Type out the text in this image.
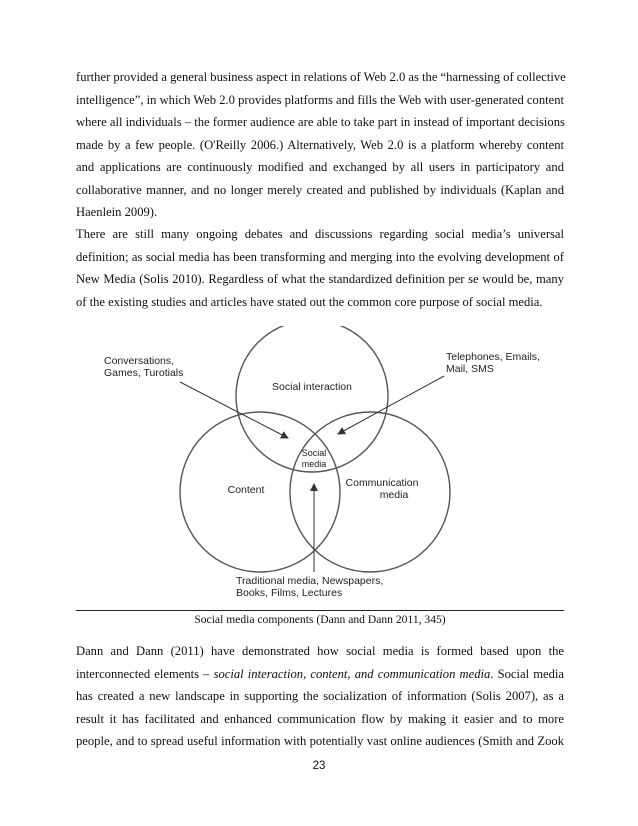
further provided a general business aspect in relations of Web 2.0 as the “harnessing of collective
intelligence”, in which Web 2.0 provides platforms and fills the Web with user-generated content
where all individuals – the former audience are able to take part in instead of important decisions
made by a few people. (O'Reilly 2006.) Alternatively, Web 2.0 is a platform whereby content
and applications are continuously modified and exchanged by all users in participatory and
collaborative manner, and no longer merely created and published by individuals (Kaplan and
Haenlein 2009).
There are still many ongoing debates and discussions regarding social media’s universal
definition; as social media has been transforming and merging into the evolving development of
New Media (Solis 2010). Regardless of what the standardized definition per se would be, many
of the existing studies and articles have stated out the common core purpose of social media.
Social interaction
Content
Communication
media
Social
media
Conversations,
Games, Turotials
Telephones, Emails,
Mail, SMS
Traditional media, Newspapers,
Books, Films, Lectures
Social media components (Dann and Dann 2011, 345)
Dann and Dann (2011) have demonstrated how social media is formed based upon the
interconnected elements – social interaction, content, and communication media. Social media
has created a new landscape in supporting the socialization of information (Solis 2007), as a
result it has facilitated and enhanced communication flow by making it easier and to more
people, and to spread useful information with potentially vast online audiences (Smith and Zook
23
